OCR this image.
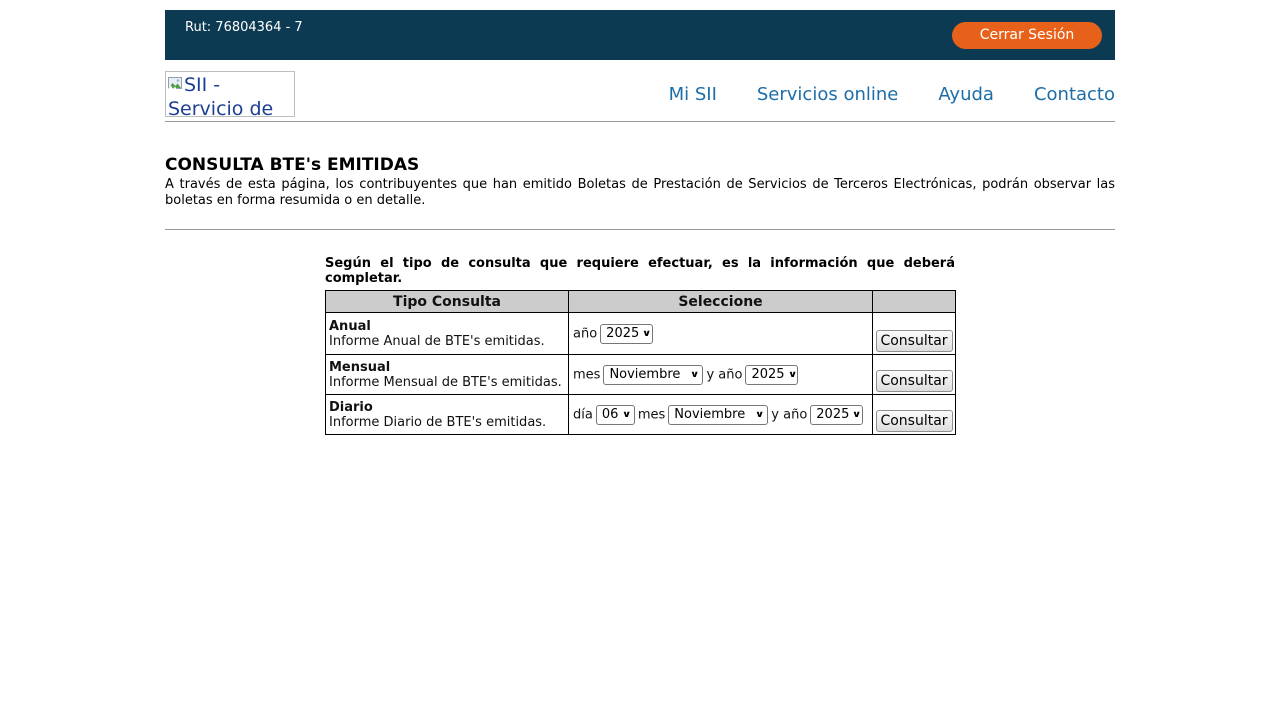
Rut: 76804364 - 7	Cerrar Sesión
SII - Servicio de
Mi SII Servicios online Ayuda Contacto
CONSULTA BTE's EMITIDAS

A través de esta página, los contribuyentes que han emitido Boletas de Prestación de Servicios de Terceros Electrónicas, podrán observar las boletas en forma resumida o en detalle.

Según el tipo de consulta que requiere efectuar, es la información que deberá completar.

Tipo Consulta	Seleccione	

Anual
Informe Anual de BTE's emitidas.	año 2025 ∨	Consultar

Mensual
Informe Mensual de BTE's emitidas.	mes Noviembre ∨ y año 2025 ∨	Consultar

Diario
Informe Diario de BTE's emitidas.	día 06 ∨ mes Noviembre ∨ y año 2025 ∨	Consultar
